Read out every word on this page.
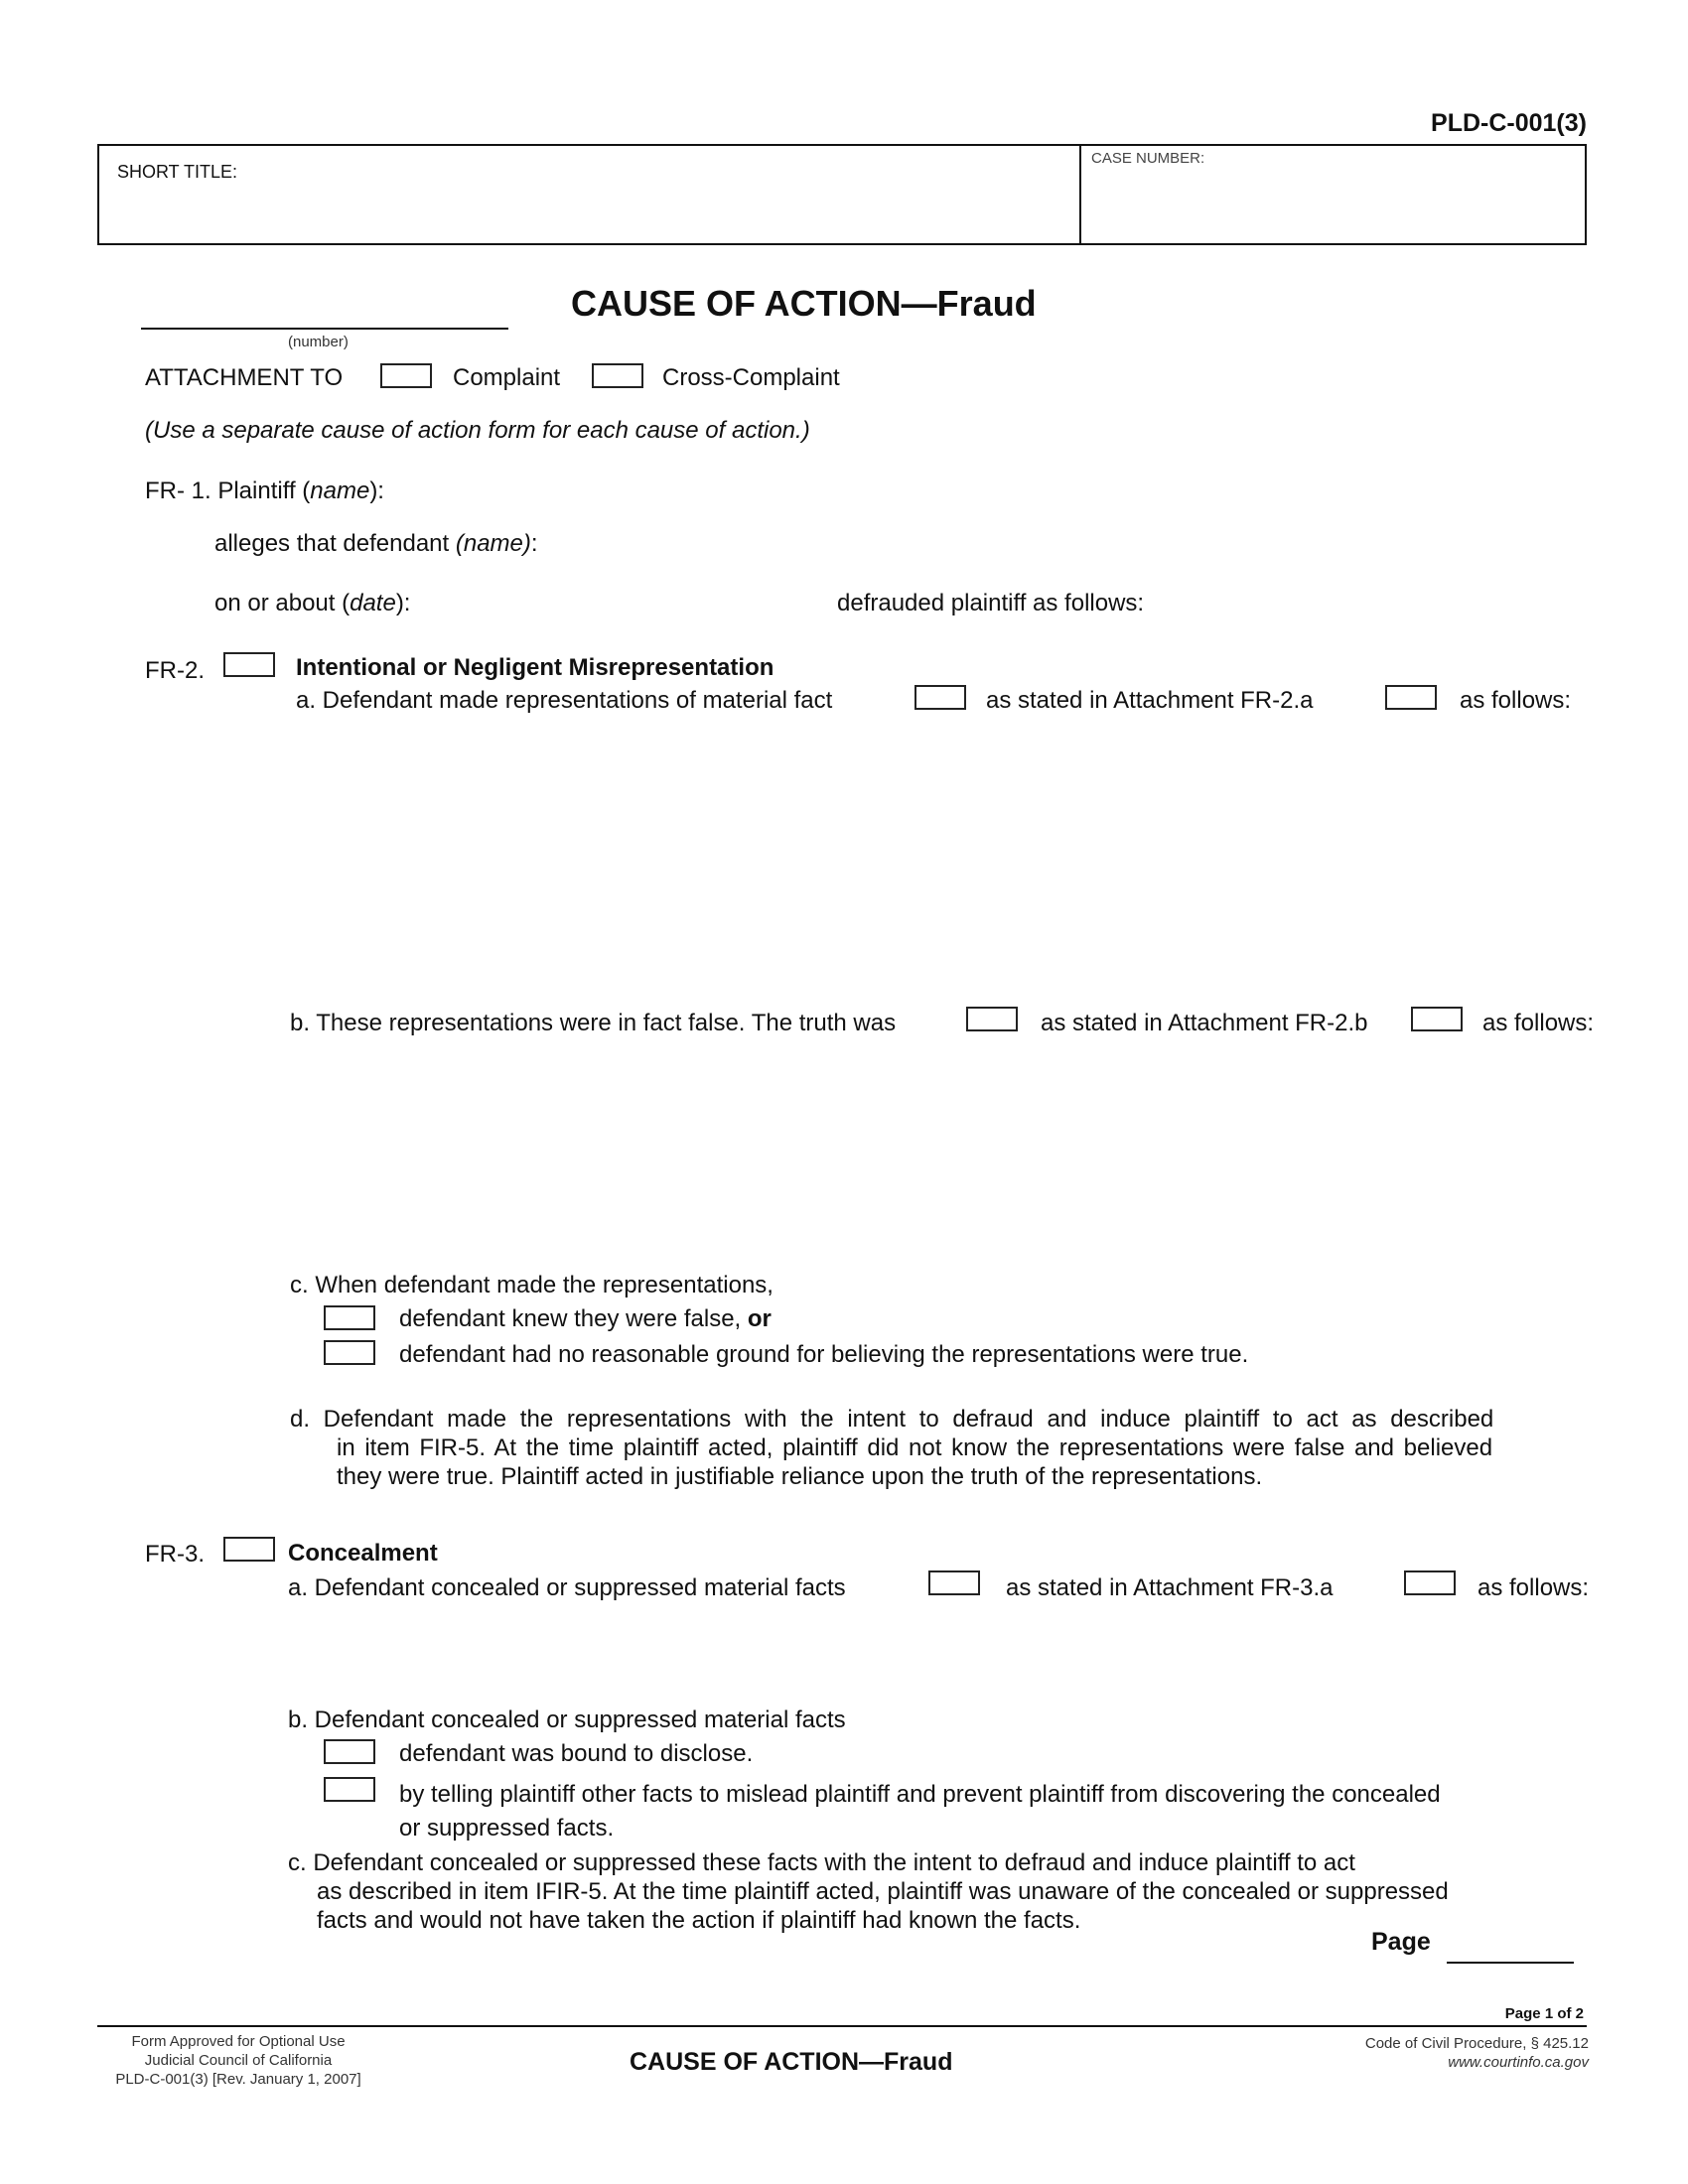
PLD-C-001(3)
SHORT TITLE:
CASE NUMBER:
(number)
CAUSE OF ACTION—Fraud
ATTACHMENT TO	Complaint	Cross-Complaint
(Use a separate cause of action form for each cause of action.)
FR- 1. Plaintiff (name):
alleges that defendant (name):
on or about (date):	defrauded plaintiff as follows:
FR-2.	Intentional or Negligent Misrepresentation
a. Defendant made representations of material fact	as stated in Attachment FR-2.a	as follows:
b. These representations were in fact false. The truth was	as stated in Attachment FR-2.b	as follows:
c. When defendant made the representations,
defendant knew they were false, or
defendant had no reasonable ground for believing the representations were true.
d. Defendant made the representations with the intent to defraud and induce plaintiff to act as described
in item FIR-5. At the time plaintiff acted, plaintiff did not know the representations were false and believed
they were true. Plaintiff acted in justifiable reliance upon the truth of the representations.
FR-3.	Concealment
a. Defendant concealed or suppressed material facts	as stated in Attachment FR-3.a	as follows:
b. Defendant concealed or suppressed material facts
defendant was bound to disclose.
by telling plaintiff other facts to mislead plaintiff and prevent plaintiff from discovering the concealed
or suppressed facts.
c. Defendant concealed or suppressed these facts with the intent to defraud and induce plaintiff to act
as described in item IFIR-5. At the time plaintiff acted, plaintiff was unaware of the concealed or suppressed
facts and would not have taken the action if plaintiff had known the facts.
Page
Page 1 of 2
Form Approved for Optional Use
Judicial Council of California
PLD-C-001(3) [Rev. January 1, 2007]
CAUSE OF ACTION—Fraud
Code of Civil Procedure, § 425.12
www.courtinfo.ca.gov
